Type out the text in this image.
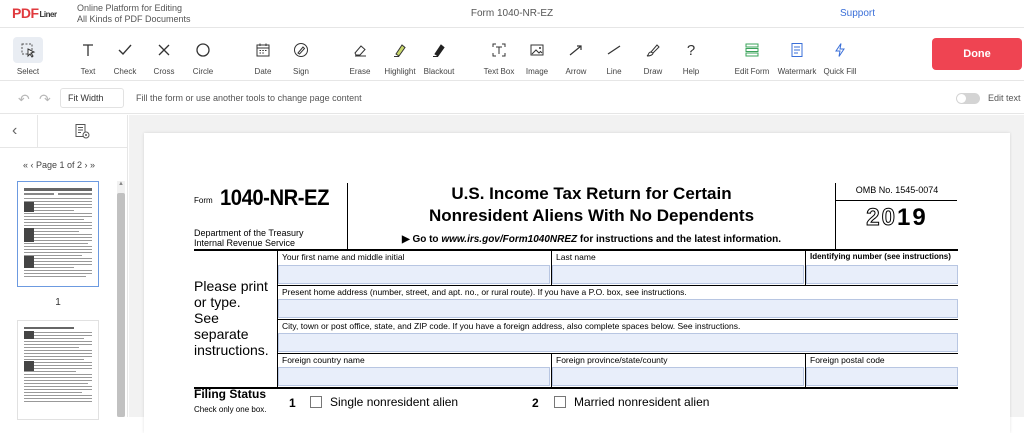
PDFLiner
Online Platform for Editing
All Kinds of PDF Documents	Form 1040-NR-EZ	Support
Select	Text	Check	Cross	Circle	Date	Sign	Erase	Highlight	Blackout	Text Box	Image	Arrow	Line	Draw
?
Help	Edit Form	Watermark Quick Fill
Done
↶ ↷	Fit Width	Fill the form or use another tools to change page content	Edit text
‹
« ‹ Page 1 of 2 › »
1
▲
Form 1040-NR-EZ
Department of the Treasury
Internal Revenue Service
U.S. Income Tax Return for Certain
Nonresident Aliens With No Dependents
▶ Go to www.irs.gov/Form1040NREZ for instructions and the latest information.
OMB No. 1545-0074
2019
Please print
or type.
See
separate
instructions.
Your first name and middle initial	Last name	Identifying number (see instructions)
Present home address (number, street, and apt. no., or rural route). If you have a P.O. box, see instructions.
City, town or post office, state, and ZIP code. If you have a foreign address, also complete spaces below. See instructions.
Foreign country name	Foreign province/state/county	Foreign postal code
Filing Status
Check only one box. 1	Single nonresident alien	2	Married nonresident alien
